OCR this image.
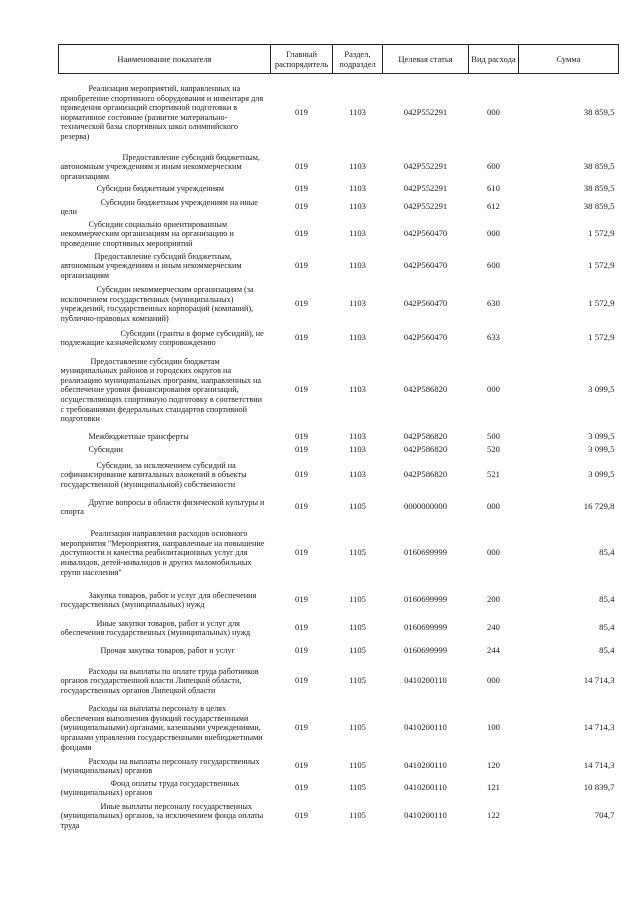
Наименование показателя	Главный распорядитель	Раздел, подраздел	Целевая статья	Вид расхода	Сумма

Реализация мероприятий, направленных на приобретение спортивного оборудования и инвентаря для приведения организаций спортивной подготовки в нормативное состояние (развитие материально-технической базы спортивных школ олимпийского резерва)	019	1103	042P552291	000	38 859,5

Предоставление субсидий бюджетным, автономным учреждениям и иным некоммерческим организациям	019	1103	042P552291	600	38 859,5

Субсидии бюджетным учреждениям	019	1103	042P552291	610	38 859,5

Субсидии бюджетным учреждениям на иные цели	019	1103	042P552291	612	38 859,5

Субсидии социально ориентированным некоммерческим организациям на организацию и проведение спортивных мероприятий	019	1103	042P560470	000	1 572,9

Предоставление субсидий бюджетным, автономным учреждениям и иным некоммерческим организациям	019	1103	042P560470	600	1 572,9

Субсидии некоммерческим организациям (за исключением государственных (муниципальных) учреждений, государственных корпораций (компаний), публично-правовых компаний)	019	1103	042P560470	630	1 572,9

Субсидии (гранты в форме субсидий), не подлежащие казначейскому сопровождению	019	1103	042P560470	633	1 572,9

Предоставление субсидии бюджетам муниципальных районов и городских округов на реализацию муниципальных программ, направленных на обеспечение уровня финансирования организаций, осуществляющих спортивную подготовку в соответствии с требованиями федеральных стандартов спортивной подготовки	019	1103	042P586820	000	3 099,5

Межбюджетные трансферты	019	1103	042P586820	500	3 099,5

Субсидии	019	1103	042P586820	520	3 099,5

Субсидии, за исключением субсидий на софинансирование капитальных вложений в объекты государственной (муниципальной) собственности	019	1103	042P586820	521	3 099,5

Другие вопросы в области физической культуры и спорта	019	1105	0000000000	000	16 729,8

Реализация направления расходов основного мероприятия "Мероприятия, направленные на повышение доступности и качества реабилитационных услуг для инвалидов, детей-инвалидов и других маломобильных групп населения"	019	1105	0160699999	000	85,4

Закупка товаров, работ и услуг для обеспечения государственных (муниципальных) нужд	019	1105	0160699999	200	85,4

Иные закупки товаров, работ и услуг для обеспечения государственных (муниципальных) нужд	019	1105	0160699999	240	85,4

Прочая закупка товаров, работ и услуг	019	1105	0160699999	244	85,4

Расходы на выплаты по оплате труда работников органов государственной власти Липецкой области, государственных органов Липецкой области	019	1105	0410200110	000	14 714,3

Расходы на выплаты персоналу в целях обеспечения выполнения функций государственными (муниципальными) органами, казенными учреждениями, органами управления государственными внебюджетными фондами	019	1105	0410200110	100	14 714,3

Расходы на выплаты персоналу государственных (муниципальных) органов	019	1105	0410200110	120	14 714,3

Фонд оплаты труда государственных (муниципальных) органов	019	1105	0410200110	121	10 839,7

Иные выплаты персоналу государственных (муниципальных) органов, за исключением фонда оплаты труда	019	1105	0410200110	122	704,7
